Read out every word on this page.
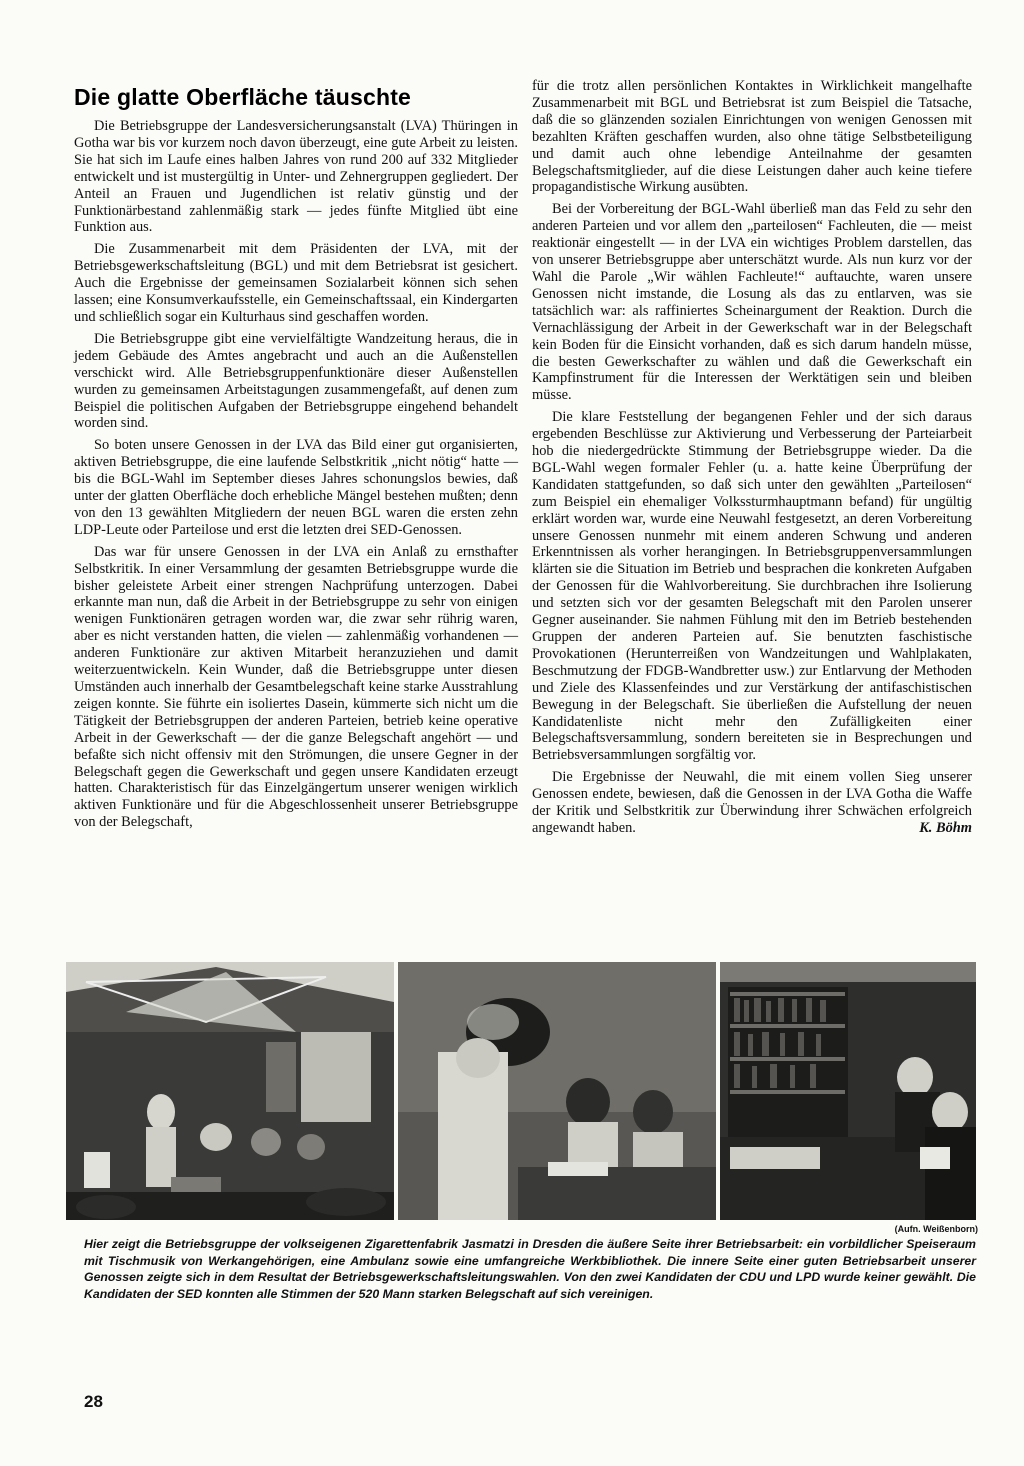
Die glatte Oberfläche täuschte

Die Betriebsgruppe der Landesversicherungsanstalt (LVA) Thüringen in Gotha war bis vor kurzem noch davon überzeugt, eine gute Arbeit zu leisten. Sie hat sich im Laufe eines halben Jahres von rund 200 auf 332 Mitglieder entwickelt und ist mustergültig in Unter- und Zehnergruppen gegliedert. Der Anteil an Frauen und Jugendlichen ist relativ günstig und der Funktionärbestand zahlenmäßig stark — jedes fünfte Mitglied übt eine Funktion aus.

Die Zusammenarbeit mit dem Präsidenten der LVA, mit der Betriebsgewerkschaftsleitung (BGL) und mit dem Betriebsrat ist gesichert. Auch die Ergebnisse der gemeinsamen Sozialarbeit können sich sehen lassen; eine Konsumverkaufsstelle, ein Gemeinschaftssaal, ein Kindergarten und schließlich sogar ein Kulturhaus sind geschaffen worden.

Die Betriebsgruppe gibt eine vervielfältigte Wandzeitung heraus, die in jedem Gebäude des Amtes angebracht und auch an die Außenstellen verschickt wird. Alle Betriebsgruppenfunktionäre dieser Außenstellen wurden zu gemeinsamen Arbeitstagungen zusammengefaßt, auf denen zum Beispiel die politischen Aufgaben der Betriebsgruppe eingehend behandelt worden sind.

So boten unsere Genossen in der LVA das Bild einer gut organisierten, aktiven Betriebsgruppe, die eine laufende Selbstkritik „nicht nötig“ hatte — bis die BGL-Wahl im September dieses Jahres schonungslos bewies, daß unter der glatten Oberfläche doch erhebliche Mängel bestehen mußten; denn von den 13 gewählten Mitgliedern der neuen BGL waren die ersten zehn LDP-Leute oder Parteilose und erst die letzten drei SED-Genossen.

Das war für unsere Genossen in der LVA ein Anlaß zu ernsthafter Selbstkritik. In einer Versammlung der gesamten Betriebsgruppe wurde die bisher geleistete Arbeit einer strengen Nachprüfung unterzogen. Dabei erkannte man nun, daß die Arbeit in der Betriebsgruppe zu sehr von einigen wenigen Funktionären getragen worden war, die zwar sehr rührig waren, aber es nicht verstanden hatten, die vielen — zahlenmäßig vorhandenen — anderen Funktionäre zur aktiven Mitarbeit heranzuziehen und damit weiterzuentwickeln. Kein Wunder, daß die Betriebsgruppe unter diesen Umständen auch innerhalb der Gesamtbelegschaft keine starke Ausstrahlung zeigen konnte. Sie führte ein isoliertes Dasein, kümmerte sich nicht um die Tätigkeit der Betriebsgruppen der anderen Parteien, betrieb keine operative Arbeit in der Gewerkschaft — der die ganze Belegschaft angehört — und befaßte sich nicht offensiv mit den Strömungen, die unsere Gegner in der Belegschaft gegen die Gewerkschaft und gegen unsere Kandidaten erzeugt hatten. Charakteristisch für das Einzelgängertum unserer wenigen wirklich aktiven Funktionäre und für die Abgeschlossenheit unserer Betriebsgruppe von der Belegschaft,

für die trotz allen persönlichen Kontaktes in Wirklichkeit mangelhafte Zusammenarbeit mit BGL und Betriebsrat ist zum Beispiel die Tatsache, daß die so glänzenden sozialen Einrichtungen von wenigen Genossen mit bezahlten Kräften geschaffen wurden, also ohne tätige Selbstbeteiligung und damit auch ohne lebendige Anteilnahme der gesamten Belegschaftsmitglieder, auf die diese Leistungen daher auch keine tiefere propagandistische Wirkung ausübten.

Bei der Vorbereitung der BGL-Wahl überließ man das Feld zu sehr den anderen Parteien und vor allem den „parteilosen“ Fachleuten, die — meist reaktionär eingestellt — in der LVA ein wichtiges Problem darstellen, das von unserer Betriebsgruppe aber unterschätzt wurde. Als nun kurz vor der Wahl die Parole „Wir wählen Fachleute!“ auftauchte, waren unsere Genossen nicht imstande, die Losung als das zu entlarven, was sie tatsächlich war: als raffiniertes Scheinargument der Reaktion. Durch die Vernachlässigung der Arbeit in der Gewerkschaft war in der Belegschaft kein Boden für die Einsicht vorhanden, daß es sich darum handeln müsse, die besten Gewerkschafter zu wählen und daß die Gewerkschaft ein Kampfinstrument für die Interessen der Werktätigen sein und bleiben müsse.

Die klare Feststellung der begangenen Fehler und der sich daraus ergebenden Beschlüsse zur Aktivierung und Verbesserung der Parteiarbeit hob die niedergedrückte Stimmung der Betriebsgruppe wieder. Da die BGL-Wahl wegen formaler Fehler (u. a. hatte keine Überprüfung der Kandidaten stattgefunden, so daß sich unter den gewählten „Parteilosen“ zum Beispiel ein ehemaliger Volkssturmhauptmann befand) für ungültig erklärt worden war, wurde eine Neuwahl festgesetzt, an deren Vorbereitung unsere Genossen nunmehr mit einem anderen Schwung und anderen Erkenntnissen als vorher herangingen. In Betriebsgruppenversammlungen klärten sie die Situation im Betrieb und besprachen die konkreten Aufgaben der Genossen für die Wahlvorbereitung. Sie durchbrachen ihre Isolierung und setzten sich vor der gesamten Belegschaft mit den Parolen unserer Gegner auseinander. Sie nahmen Fühlung mit den im Betrieb bestehenden Gruppen der anderen Parteien auf. Sie benutzten faschistische Provokationen (Herunterreißen von Wandzeitungen und Wahlplakaten, Beschmutzung der FDGB-Wandbretter usw.) zur Entlarvung der Methoden und Ziele des Klassenfeindes und zur Verstärkung der antifaschistischen Bewegung in der Belegschaft. Sie überließen die Aufstellung der neuen Kandidatenliste nicht mehr den Zufälligkeiten einer Belegschaftsversammlung, sondern bereiteten sie in Besprechungen und Betriebsversammlungen sorgfältig vor.

Die Ergebnisse der Neuwahl, die mit einem vollen Sieg unserer Genossen endete, bewiesen, daß die Genossen in der LVA Gotha die Waffe der Kritik und Selbstkritik zur Überwindung ihrer Schwächen erfolgreich angewandt haben.	K. Böhm

(Aufn. Weißenborn)
Hier zeigt die Betriebsgruppe der volkseigenen Zigarettenfabrik Jasmatzi in Dresden die äußere Seite ihrer Betriebsarbeit: ein vorbildlicher Speiseraum mit Tischmusik von Werkangehörigen, eine Ambulanz sowie eine umfangreiche Werkbibliothek. Die innere Seite einer guten Betriebsarbeit unserer Genossen zeigte sich in dem Resultat der Betriebsgewerkschaftsleitungswahlen. Von den zwei Kandidaten der CDU und LPD wurde keiner gewählt. Die Kandidaten der SED konnten alle Stimmen der 520 Mann starken Belegschaft auf sich vereinigen.
28
